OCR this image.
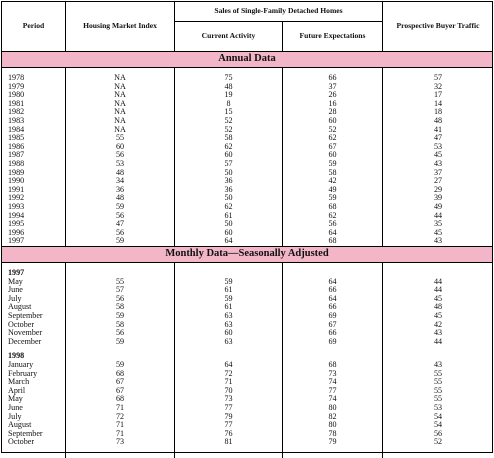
Period	Housing Market Index
Sales of Single-Family Detached Homes
Current Activity	Future Expectations
Prospective Buyer Traffic
Annual Data
1978	NA	75	66	57
1979	NA	48	37	32
1980	NA	19	26	17
1981	NA	8	16	14
1982	NA	15	28	18
1983	NA	52	60	48
1984	NA	52	52	41
1985	55	58	62	47
1986	60	62	67	53
1987	56	60	60	45
1988	53	57	59	43
1989	48	50	58	37
1990	34	36	42	27
1991	36	36	49	29
1992	48	50	59	39
1993	59	62	68	49
1994	56	61	62	44
1995	47	50	56	35
1996	56	60	64	45
1997	59	64	68	43
Monthly Data—Seasonally Adjusted
1997
May	55	59	64	44
June	57	61	66	44
July	56	59	64	45
August	58	61	66	48
September	59	63	69	45
October	58	63	67	42
November	56	60	66	43
December	59	63	69	44
1998
January	59	64	68	43
February	68	72	73	55
March	67	71	74	55
April	67	70	77	55
May	68	73	74	55
June	71	77	80	53
July	72	79	82	54
August	71	77	80	54
September	71	76	78	56
October	73	81	79	52
